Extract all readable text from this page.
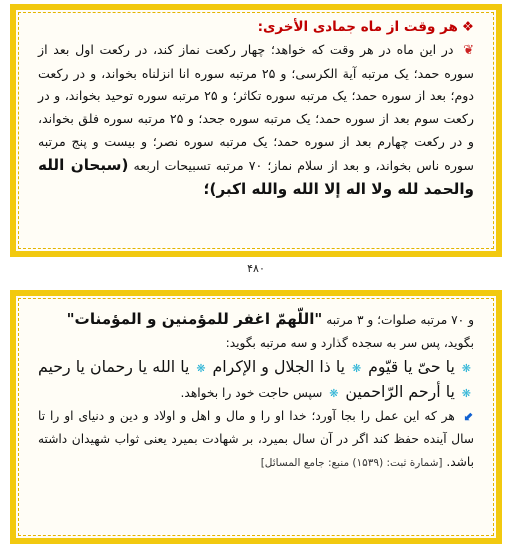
❖ هر وقت از ماه جمادی الأخری:
❦ در این ماه در هر وقت که خواهد؛ چهار رکعت نماز کند، در رکعت اول بعد از سوره حمد؛ یک مرتبه آیة الکرسی؛ و ۲۵ مرتبه سوره انا انزلناه بخواند، و در رکعت دوم؛ بعد از سوره حمد؛ یک مرتبه سوره تکاثر؛ و ۲۵ مرتبه سوره توحید بخواند، و در رکعت سوم بعد از سوره حمد؛ یک مرتبه سوره جحد؛ و ۲۵ مرتبه سوره فلق بخواند، و در رکعت چهارم بعد از سوره حمد؛ یک مرتبه سوره نصر؛ و بیست و پنج مرتبه سوره ناس بخواند، و بعد از سلام نماز؛ ۷۰ مرتبه تسبیحات اربعه (سبحان الله والحمد لله ولا اله إلا الله والله اکبر)؛
۴۸۰
و ۷۰ مرتبه صلوات؛ و ۳ مرتبه "اللّهمّ اغفر للمؤمنین و المؤمنات"
بگوید، پس سر به سجده گذارد و سه مرتبه بگوید:
❋ یا حیّ یا قیّوم ❋ یا ذا الجلال و الإکرام ❋ یا الله یا رحمان یا رحیم ❋ یا أرحم الرّاحمین ❋ سپس حاجت خود را بخواهد.
⬋ هر که این عمل را بجا آورد؛ خدا او را و مال و اهل و اولاد و دین و دنیای او را تا سال آینده حفظ کند اگر در آن سال بمیرد، بر شهادت بمیرد یعنی ثواب شهیدان داشته باشد. [شمارة ثبت: (۱۵۳۹) منبع: جامع المسائل]
